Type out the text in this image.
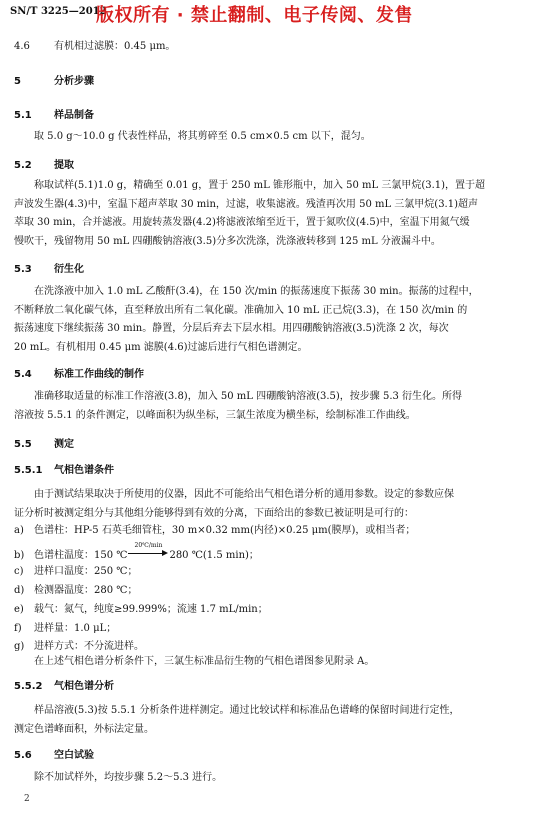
SN/T 3225—2012
版权所有 · 禁止翻制、电子传阅、发售
4.6 有机相过滤膜：0.45 μm。
5	分析步骤
5.1 样品制备
取 5.0 g～10.0 g 代表性样品，将其剪碎至 0.5 cm×0.5 cm 以下，混匀。
5.2 提取
称取试样(5.1)1.0 g，精确至 0.01 g，置于 250 mL 锥形瓶中，加入 50 mL 三氯甲烷(3.1)，置于超
声波发生器(4.3)中，室温下超声萃取 30 min，过滤，收集滤液。残渣再次用 50 mL 三氯甲烷(3.1)超声
萃取 30 min，合并滤液。用旋转蒸发器(4.2)将滤液浓缩至近干，置于氮吹仪(4.5)中，室温下用氮气缓
慢吹干，残留物用 50 mL 四硼酸钠溶液(3.5)分多次洗涤，洗涤液转移到 125 mL 分液漏斗中。
5.3 衍生化
在洗涤液中加入 1.0 mL 乙酸酐(3.4)，在 150 次/min 的振荡速度下振荡 30 min。振荡的过程中，
不断释放二氧化碳气体，直至释放出所有二氧化碳。准确加入 10 mL 正己烷(3.3)，在 150 次/min 的
振荡速度下继续振荡 30 min。静置，分层后弃去下层水相。用四硼酸钠溶液(3.5)洗涤 2 次，每次
20 mL。有机相用 0.45 μm 滤膜(4.6)过滤后进行气相色谱测定。
5.4 标准工作曲线的制作
准确移取适量的标准工作溶液(3.8)，加入 50 mL 四硼酸钠溶液(3.5)，按步骤 5.3 衍生化。所得
溶液按 5.5.1 的条件测定，以峰面积为纵坐标，三氯生浓度为横坐标，绘制标准工作曲线。
5.5 测定
5.5.1 气相色谱条件
由于测试结果取决于所使用的仪器，因此不可能给出气相色谱分析的通用参数。设定的参数应保
证分析时被测定组分与其他组分能够得到有效的分离，下面给出的参数已被证明是可行的：
a) 色谱柱：HP-5 石英毛细管柱，30 m×0.32 mm(内径)×0.25 μm(膜厚)，或相当者；
b) 色谱柱温度：150 ℃
20℃/min
280 ℃(1.5 min)；
c) 进样口温度：250 ℃；
d) 检测器温度：280 ℃；
e) 载气：氮气，纯度≥99.999%；流速 1.7 mL/min；
f) 进样量：1.0 μL；
g) 进样方式：不分流进样。
在上述气相色谱分析条件下，三氯生标准品衍生物的气相色谱图参见附录 A。
5.5.2 气相色谱分析
样品溶液(5.3)按 5.5.1 分析条件进样测定。通过比较试样和标准品色谱峰的保留时间进行定性，
测定色谱峰面积，外标法定量。
5.6 空白试验
除不加试样外，均按步骤 5.2～5.3 进行。
2
